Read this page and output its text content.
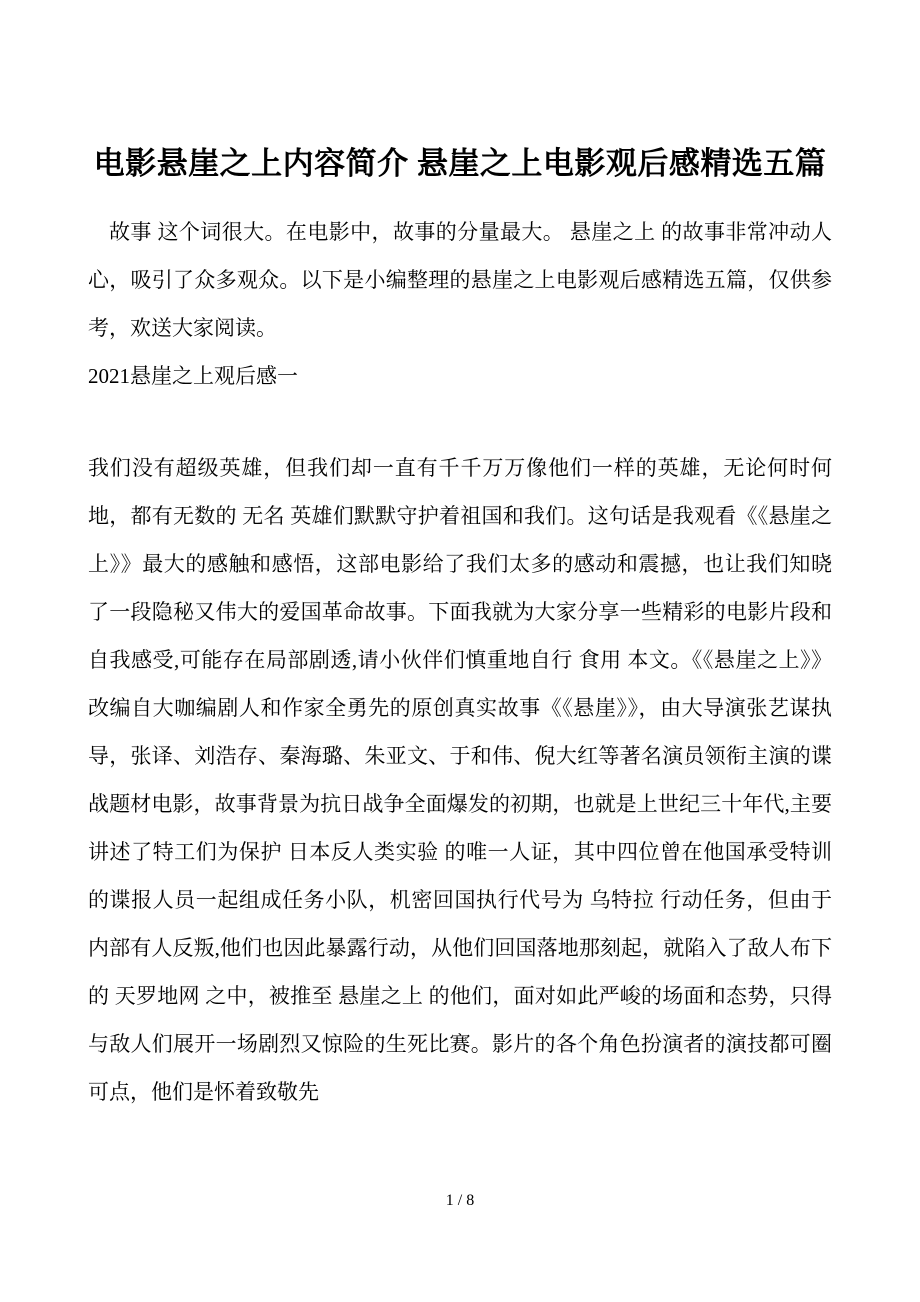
电影悬崖之上内容简介 悬崖之上电影观后感精选五篇

故事 这个词很大。在电影中，故事的分量最大。 悬崖之上 的故事非常冲动人心，吸引了众多观众。以下是小编整理的悬崖之上电影观后感精选五篇，仅供参考，欢送大家阅读。

2021悬崖之上观后感一

我们没有超级英雄，但我们却一直有千千万万像他们一样的英雄，无论何时何地，都有无数的 无名 英雄们默默守护着祖国和我们。这句话是我观看《《悬崖之上》》最大的感触和感悟，这部电影给了我们太多的感动和震撼，也让我们知晓了一段隐秘又伟大的爱国革命故事。下面我就为大家分享一些精彩的电影片段和自我感受,可能存在局部剧透,请小伙伴们慎重地自行 食用 本文。《《悬崖之上》》改编自大咖编剧人和作家全勇先的原创真实故事《《悬崖》》，由大导演张艺谋执导，张译、刘浩存、秦海璐、朱亚文、于和伟、倪大红等著名演员领衔主演的谍战题材电影，故事背景为抗日战争全面爆发的初期，也就是上世纪三十年代,主要讲述了特工们为保护 日本反人类实验 的唯一人证，其中四位曾在他国承受特训的谍报人员一起组成任务小队，机密回国执行代号为 乌特拉 行动任务，但由于内部有人反叛,他们也因此暴露行动，从他们回国落地那刻起，就陷入了敌人布下的 天罗地网 之中，被推至 悬崖之上 的他们，面对如此严峻的场面和态势，只得与敌人们展开一场剧烈又惊险的生死比赛。影片的各个角色扮演者的演技都可圈可点，他们是怀着致敬先

1 / 8
